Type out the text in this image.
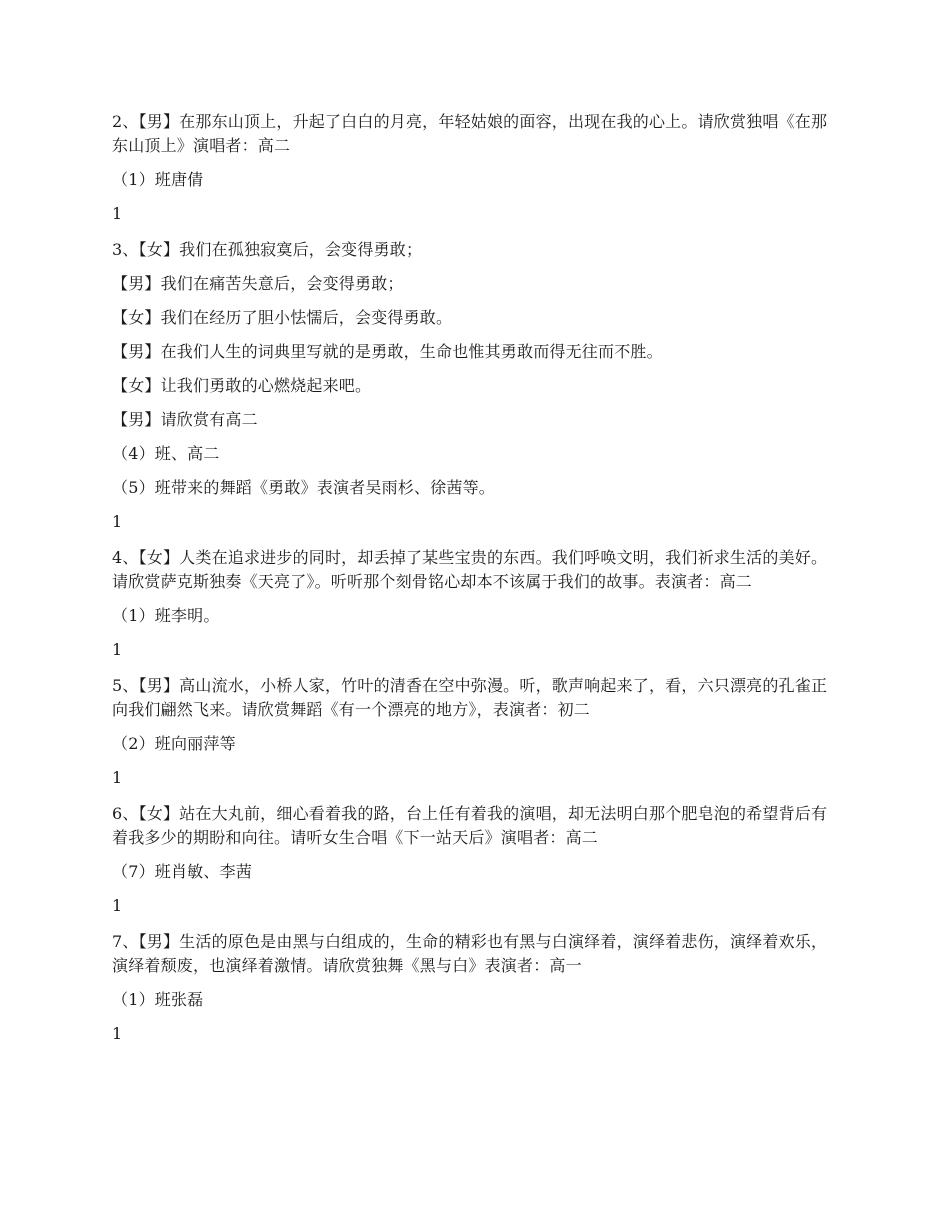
2、【男】在那东山顶上，升起了白白的月亮，年轻姑娘的面容，出现在我的心上。请欣赏独唱《在那东山顶上》演唱者：高二

（1）班唐倩

1

3、【女】我们在孤独寂寞后，会变得勇敢；

【男】我们在痛苦失意后，会变得勇敢；

【女】我们在经历了胆小怯懦后，会变得勇敢。

【男】在我们人生的词典里写就的是勇敢，生命也惟其勇敢而得无往而不胜。

【女】让我们勇敢的心燃烧起来吧。

【男】请欣赏有高二

（4）班、高二

（5）班带来的舞蹈《勇敢》表演者吴雨杉、徐茜等。

1

4、【女】人类在追求进步的同时，却丢掉了某些宝贵的东西。我们呼唤文明，我们祈求生活的美好。请欣赏萨克斯独奏《天亮了》。听听那个刻骨铭心却本不该属于我们的故事。表演者：高二

（1）班李明。

1

5、【男】高山流水，小桥人家，竹叶的清香在空中弥漫。听，歌声响起来了，看，六只漂亮的孔雀正向我们翩然飞来。请欣赏舞蹈《有一个漂亮的地方》，表演者：初二

（2）班向丽萍等

1

6、【女】站在大丸前，细心看着我的路，台上任有着我的演唱，却无法明白那个肥皂泡的希望背后有着我多少的期盼和向往。请听女生合唱《下一站天后》演唱者：高二

（7）班肖敏、李茜

1

7、【男】生活的原色是由黑与白组成的，生命的精彩也有黑与白演绎着，演绎着悲伤，演绎着欢乐，演绎着颓废，也演绎着激情。请欣赏独舞《黑与白》表演者：高一

（1）班张磊

1
